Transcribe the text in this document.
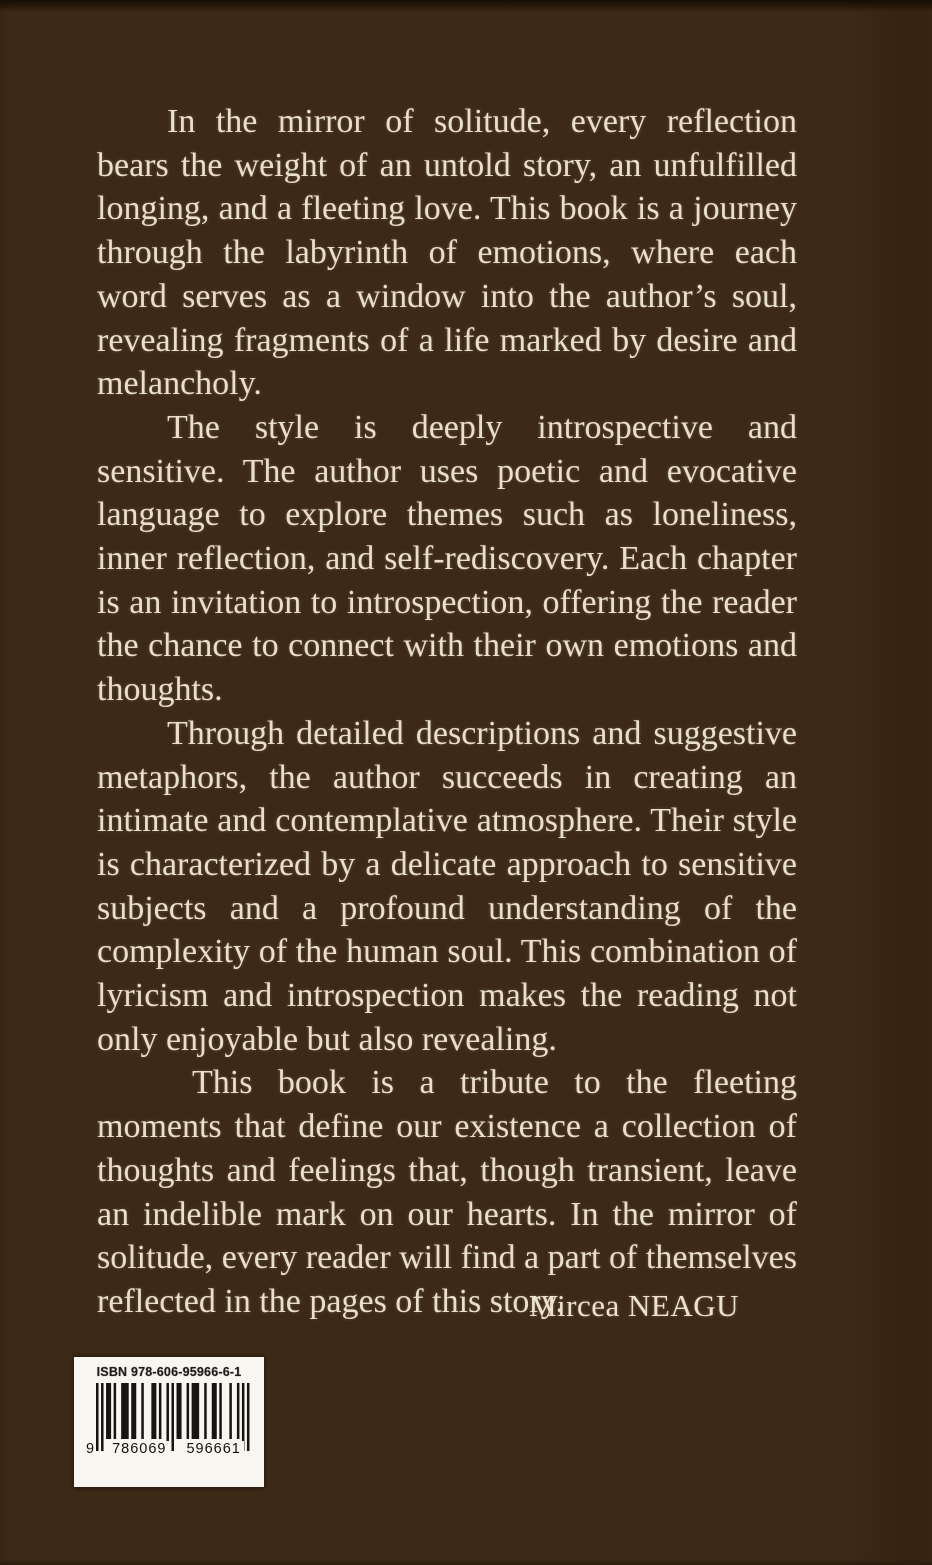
In the mirror of solitude, every reflection bears the weight of an untold story, an unfulfilled longing, and a fleeting love. This book is a journey through the labyrinth of emotions, where each word serves as a window into the author’s soul, revealing fragments of a life marked by desire and melancholy.

The style is deeply introspective and sensitive. The author uses poetic and evocative language to explore themes such as loneliness, inner reflection, and self-rediscovery. Each chapter is an invitation to introspection, offering the reader the chance to connect with their own emotions and thoughts.

Through detailed descriptions and suggestive metaphors, the author succeeds in creating an intimate and contemplative atmosphere. Their style is characterized by a delicate approach to sensitive subjects and a profound understanding of the complexity of the human soul. This combination of lyricism and introspection makes the reading not only enjoyable but also revealing.

This book is a tribute to the fleeting moments that define our existence a collection of thoughts and feelings that, though transient, leave an indelible mark on our hearts. In the mirror of solitude, every reader will find a part of themselves reflected in the pages of this story.

Mircea NEAGU
ISBN 978-606-95966-6-1
9 786069 596661
